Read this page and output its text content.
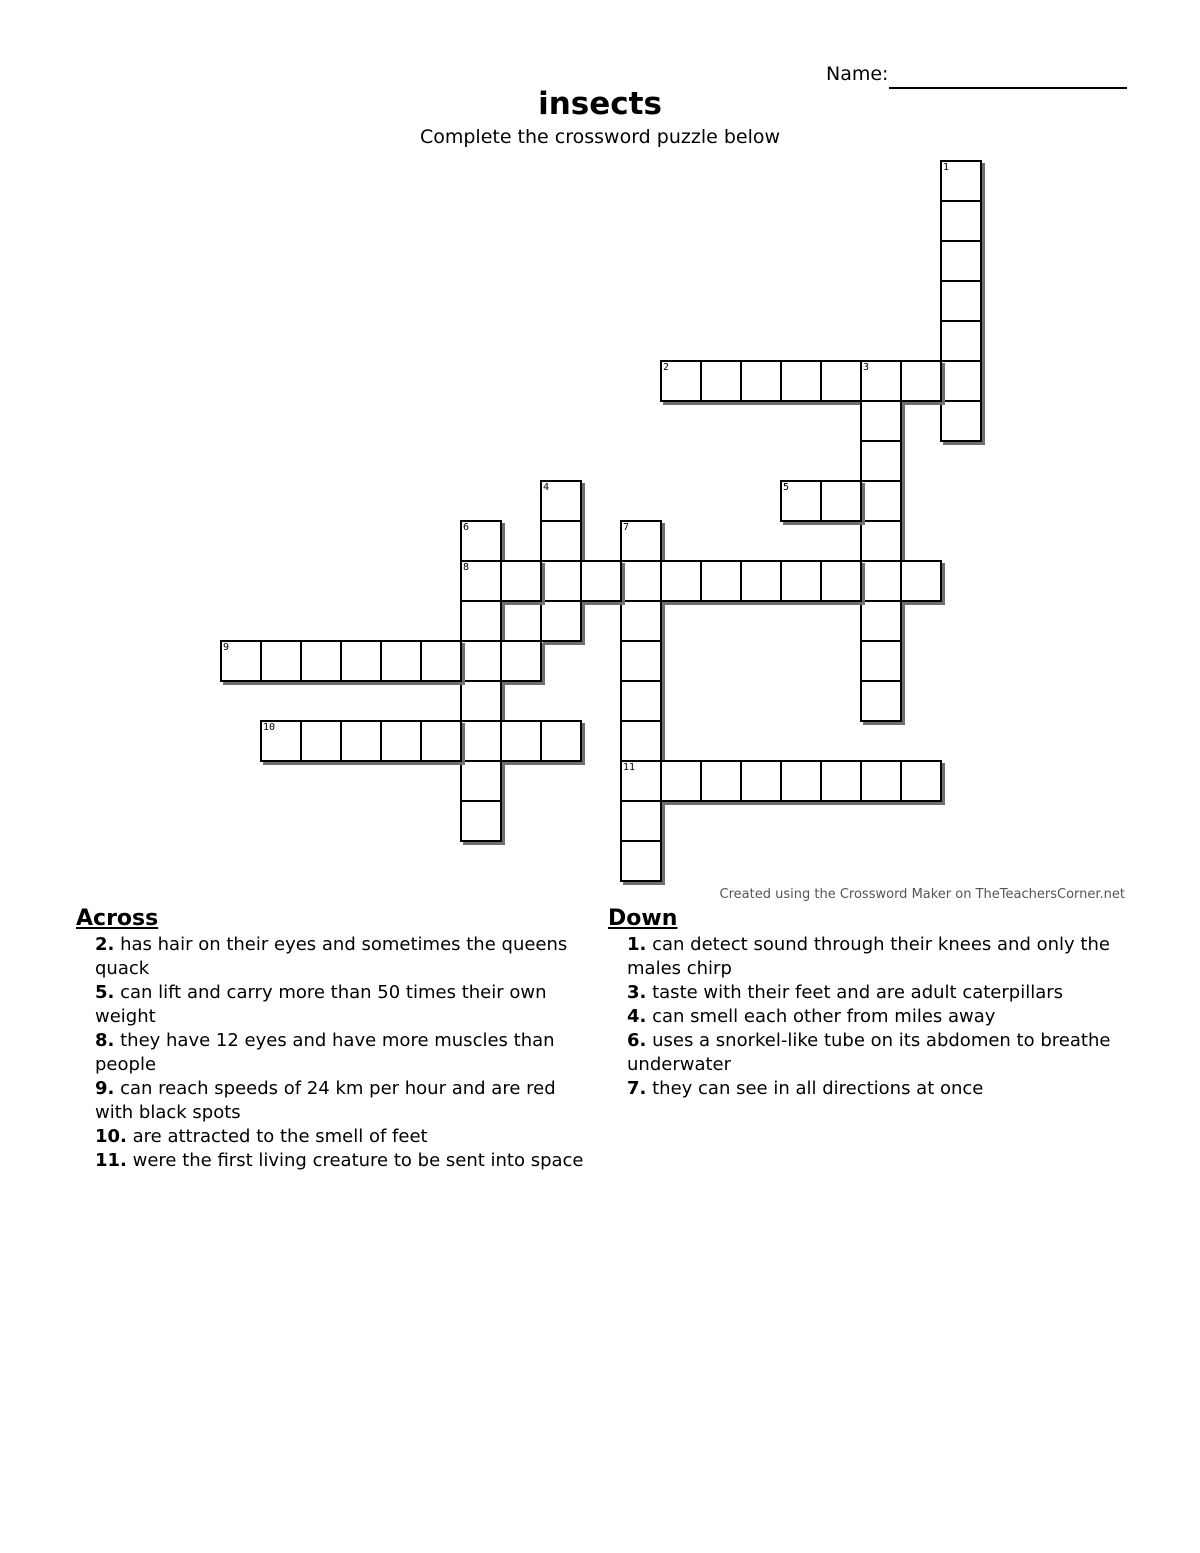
Name:
insects
Complete the crossword puzzle below
1
2	3
4	5
6
8
7
11
9
10
Created using the Crossword Maker on TheTeachersCorner.net
Across
2. has hair on their eyes and sometimes the queens quack
5. can lift and carry more than 50 times their own weight
8. they have 12 eyes and have more muscles than people
9. can reach speeds of 24 km per hour and are red with black spots
10. are attracted to the smell of feet
11. were the first living creature to be sent into space
Down
1. can detect sound through their knees and only the males chirp
3. taste with their feet and are adult caterpillars
4. can smell each other from miles away
6. uses a snorkel-like tube on its abdomen to breathe underwater
7. they can see in all directions at once
